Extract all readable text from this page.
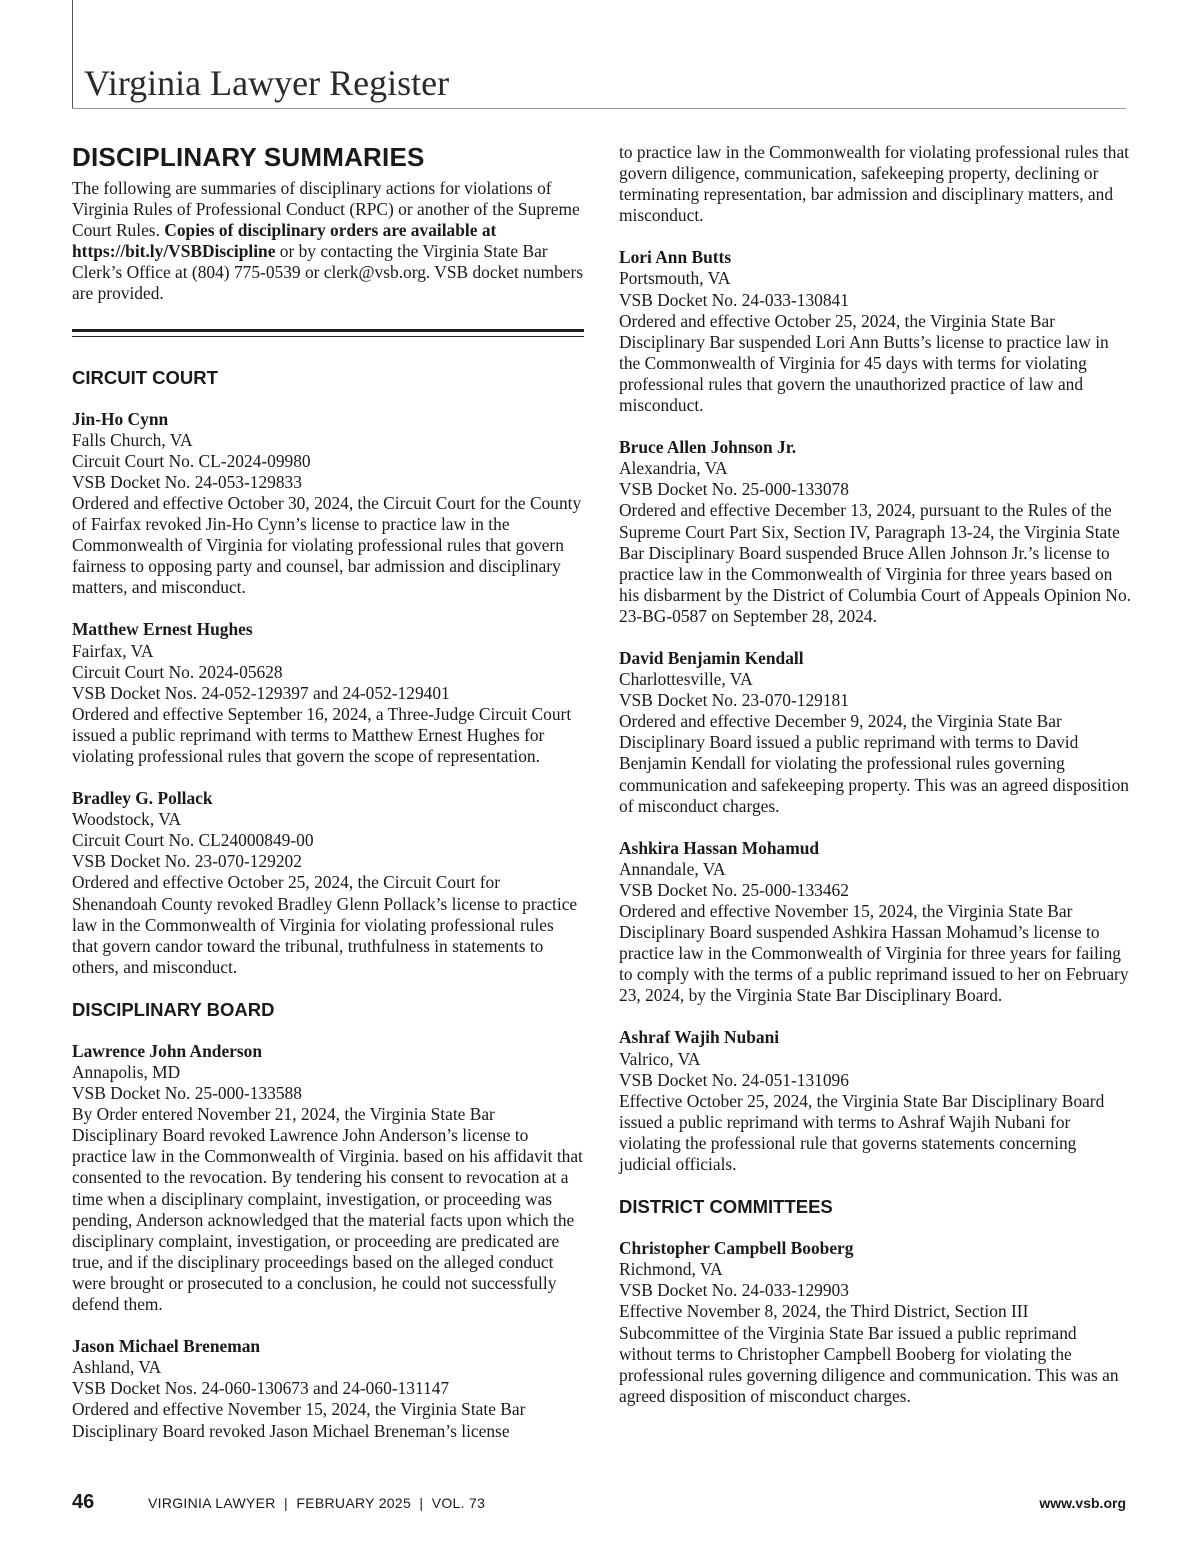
Virginia Lawyer Register
DISCIPLINARY SUMMARIES

The following are summaries of disciplinary actions for violations of Virginia Rules of Professional Conduct (RPC) or another of the Supreme Court Rules. Copies of disciplinary orders are available at https://bit.ly/VSBDiscipline or by contacting the Virginia State Bar Clerk’s Office at (804) 775-0539 or clerk@vsb.org. VSB docket numbers are provided.

CIRCUIT COURT
Jin-Ho Cynn
Falls Church, VA
Circuit Court No. CL-2024-09980
VSB Docket No. 24-053-129833
Ordered and effective October 30, 2024, the Circuit Court for the County of Fairfax revoked Jin-Ho Cynn’s license to practice law in the Commonwealth of Virginia for violating professional rules that govern fairness to opposing party and counsel, bar admission and disciplinary matters, and misconduct.
Matthew Ernest Hughes
Fairfax, VA
Circuit Court No. 2024-05628
VSB Docket Nos. 24-052-129397 and 24-052-129401
Ordered and effective September 16, 2024, a Three-Judge Circuit Court issued a public reprimand with terms to Matthew Ernest Hughes for violating professional rules that govern the scope of representation.
Bradley G. Pollack
Woodstock, VA
Circuit Court No. CL24000849-00
VSB Docket No. 23-070-129202
Ordered and effective October 25, 2024, the Circuit Court for Shenandoah County revoked Bradley Glenn Pollack’s license to practice law in the Commonwealth of Virginia for violating professional rules that govern candor toward the tribunal, truthfulness in statements to others, and misconduct.
DISCIPLINARY BOARD
Lawrence John Anderson
Annapolis, MD
VSB Docket No. 25-000-133588
By Order entered November 21, 2024, the Virginia State Bar Disciplinary Board revoked Lawrence John Anderson’s license to practice law in the Commonwealth of Virginia. based on his affidavit that consented to the revocation. By tendering his consent to revocation at a time when a disciplinary complaint, investigation, or proceeding was pending, Anderson acknowledged that the material facts upon which the disciplinary complaint, investigation, or proceeding are predicated are true, and if the disciplinary proceedings based on the alleged conduct were brought or prosecuted to a conclusion, he could not successfully defend them.
Jason Michael Breneman
Ashland, VA
VSB Docket Nos. 24-060-130673 and 24-060-131147
Ordered and effective November 15, 2024, the Virginia State Bar Disciplinary Board revoked Jason Michael Breneman’s license
to practice law in the Commonwealth for violating professional rules that govern diligence, communication, safekeeping property, declining or terminating representation, bar admission and disciplinary matters, and misconduct.
Lori Ann Butts
Portsmouth, VA
VSB Docket No. 24-033-130841
Ordered and effective October 25, 2024, the Virginia State Bar Disciplinary Bar suspended Lori Ann Butts’s license to practice law in the Commonwealth of Virginia for 45 days with terms for violating professional rules that govern the unauthorized practice of law and misconduct.
Bruce Allen Johnson Jr.
Alexandria, VA
VSB Docket No. 25-000-133078
Ordered and effective December 13, 2024, pursuant to the Rules of the Supreme Court Part Six, Section IV, Paragraph 13-24, the Virginia State Bar Disciplinary Board suspended Bruce Allen Johnson Jr.’s license to practice law in the Commonwealth of Virginia for three years based on his disbarment by the District of Columbia Court of Appeals Opinion No. 23-BG-0587 on September 28, 2024.
David Benjamin Kendall
Charlottesville, VA
VSB Docket No. 23-070-129181
Ordered and effective December 9, 2024, the Virginia State Bar Disciplinary Board issued a public reprimand with terms to David Benjamin Kendall for violating the professional rules governing communication and safekeeping property. This was an agreed disposition of misconduct charges.
Ashkira Hassan Mohamud
Annandale, VA
VSB Docket No. 25-000-133462
Ordered and effective November 15, 2024, the Virginia State Bar Disciplinary Board suspended Ashkira Hassan Mohamud’s license to practice law in the Commonwealth of Virginia for three years for failing to comply with the terms of a public reprimand issued to her on February 23, 2024, by the Virginia State Bar Disciplinary Board.
Ashraf Wajih Nubani
Valrico, VA
VSB Docket No. 24-051-131096
Effective October 25, 2024, the Virginia State Bar Disciplinary Board issued a public reprimand with terms to Ashraf Wajih Nubani for violating the professional rule that governs statements concerning judicial officials.
DISTRICT COMMITTEES
Christopher Campbell Booberg
Richmond, VA
VSB Docket No. 24-033-129903
Effective November 8, 2024, the Third District, Section III Subcommittee of the Virginia State Bar issued a public reprimand without terms to Christopher Campbell Booberg for violating the professional rules governing diligence and communication. This was an agreed disposition of misconduct charges.
46	VIRGINIA LAWYER  |  FEBRUARY 2025  |  VOL. 73	www.vsb.org
